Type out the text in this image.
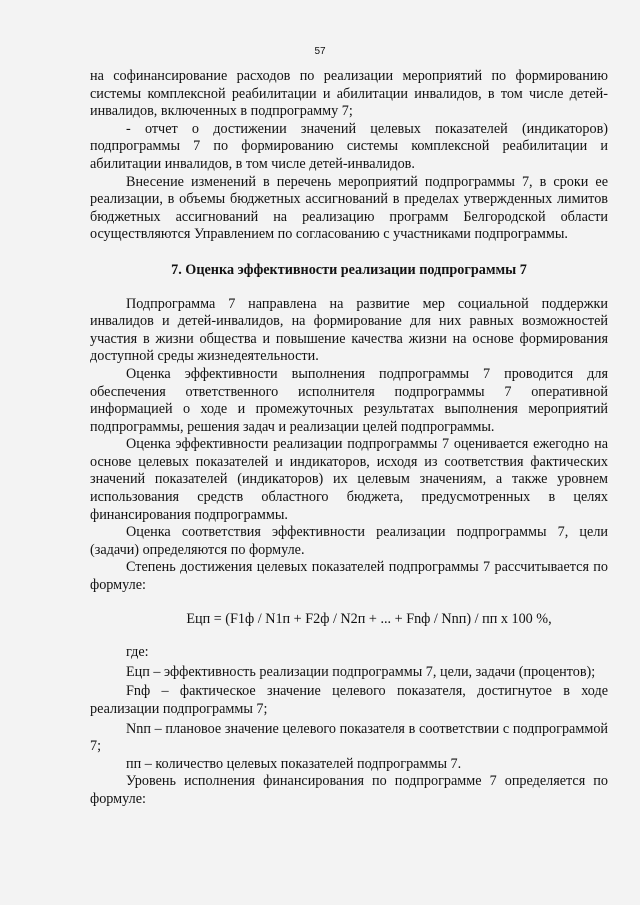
57

на софинансирование расходов по реализации мероприятий по формированию системы комплексной реабилитации и абилитации инвалидов, в том числе детей-инвалидов, включенных в подпрограмму 7;

- отчет о достижении значений целевых показателей (индикаторов) подпрограммы 7 по формированию системы комплексной реабилитации и абилитации инвалидов, в том числе детей-инвалидов.

Внесение изменений в перечень мероприятий подпрограммы 7, в сроки ее реализации, в объемы бюджетных ассигнований в пределах утвержденных лимитов бюджетных ассигнований на реализацию программ Белгородской области осуществляются Управлением по согласованию с участниками подпрограммы.

7. Оценка эффективности реализации подпрограммы 7

Подпрограмма 7 направлена на развитие мер социальной поддержки инвалидов и детей-инвалидов, на формирование для них равных возможностей участия в жизни общества и повышение качества жизни на основе формирования доступной среды жизнедеятельности.

Оценка эффективности выполнения подпрограммы 7 проводится для обеспечения ответственного исполнителя подпрограммы 7 оперативной информацией о ходе и промежуточных результатах выполнения мероприятий подпрограммы, решения задач и реализации целей подпрограммы.

Оценка эффективности реализации подпрограммы 7 оценивается ежегодно на основе целевых показателей и индикаторов, исходя из соответствия фактических значений показателей (индикаторов) их целевым значениям, а также уровнем использования средств областного бюджета, предусмотренных в целях финансирования подпрограммы.

Оценка соответствия эффективности реализации подпрограммы 7, цели (задачи) определяются по формуле.

Степень достижения целевых показателей подпрограммы 7 рассчитывается по формуле:

Ецп = (F1ф / N1п + F2ф / N2п + ... + Fnф / Nnп) / пп х 100 %,

где:

Ецп – эффективность реализации подпрограммы 7, цели, задачи (процентов);

Fnф – фактическое значение целевого показателя, достигнутое в ходе реализации подпрограммы 7;

Nnп – плановое значение целевого показателя в соответствии с подпрограммой 7;

пп – количество целевых показателей подпрограммы 7.

Уровень исполнения финансирования по подпрограмме 7 определяется по формуле:
